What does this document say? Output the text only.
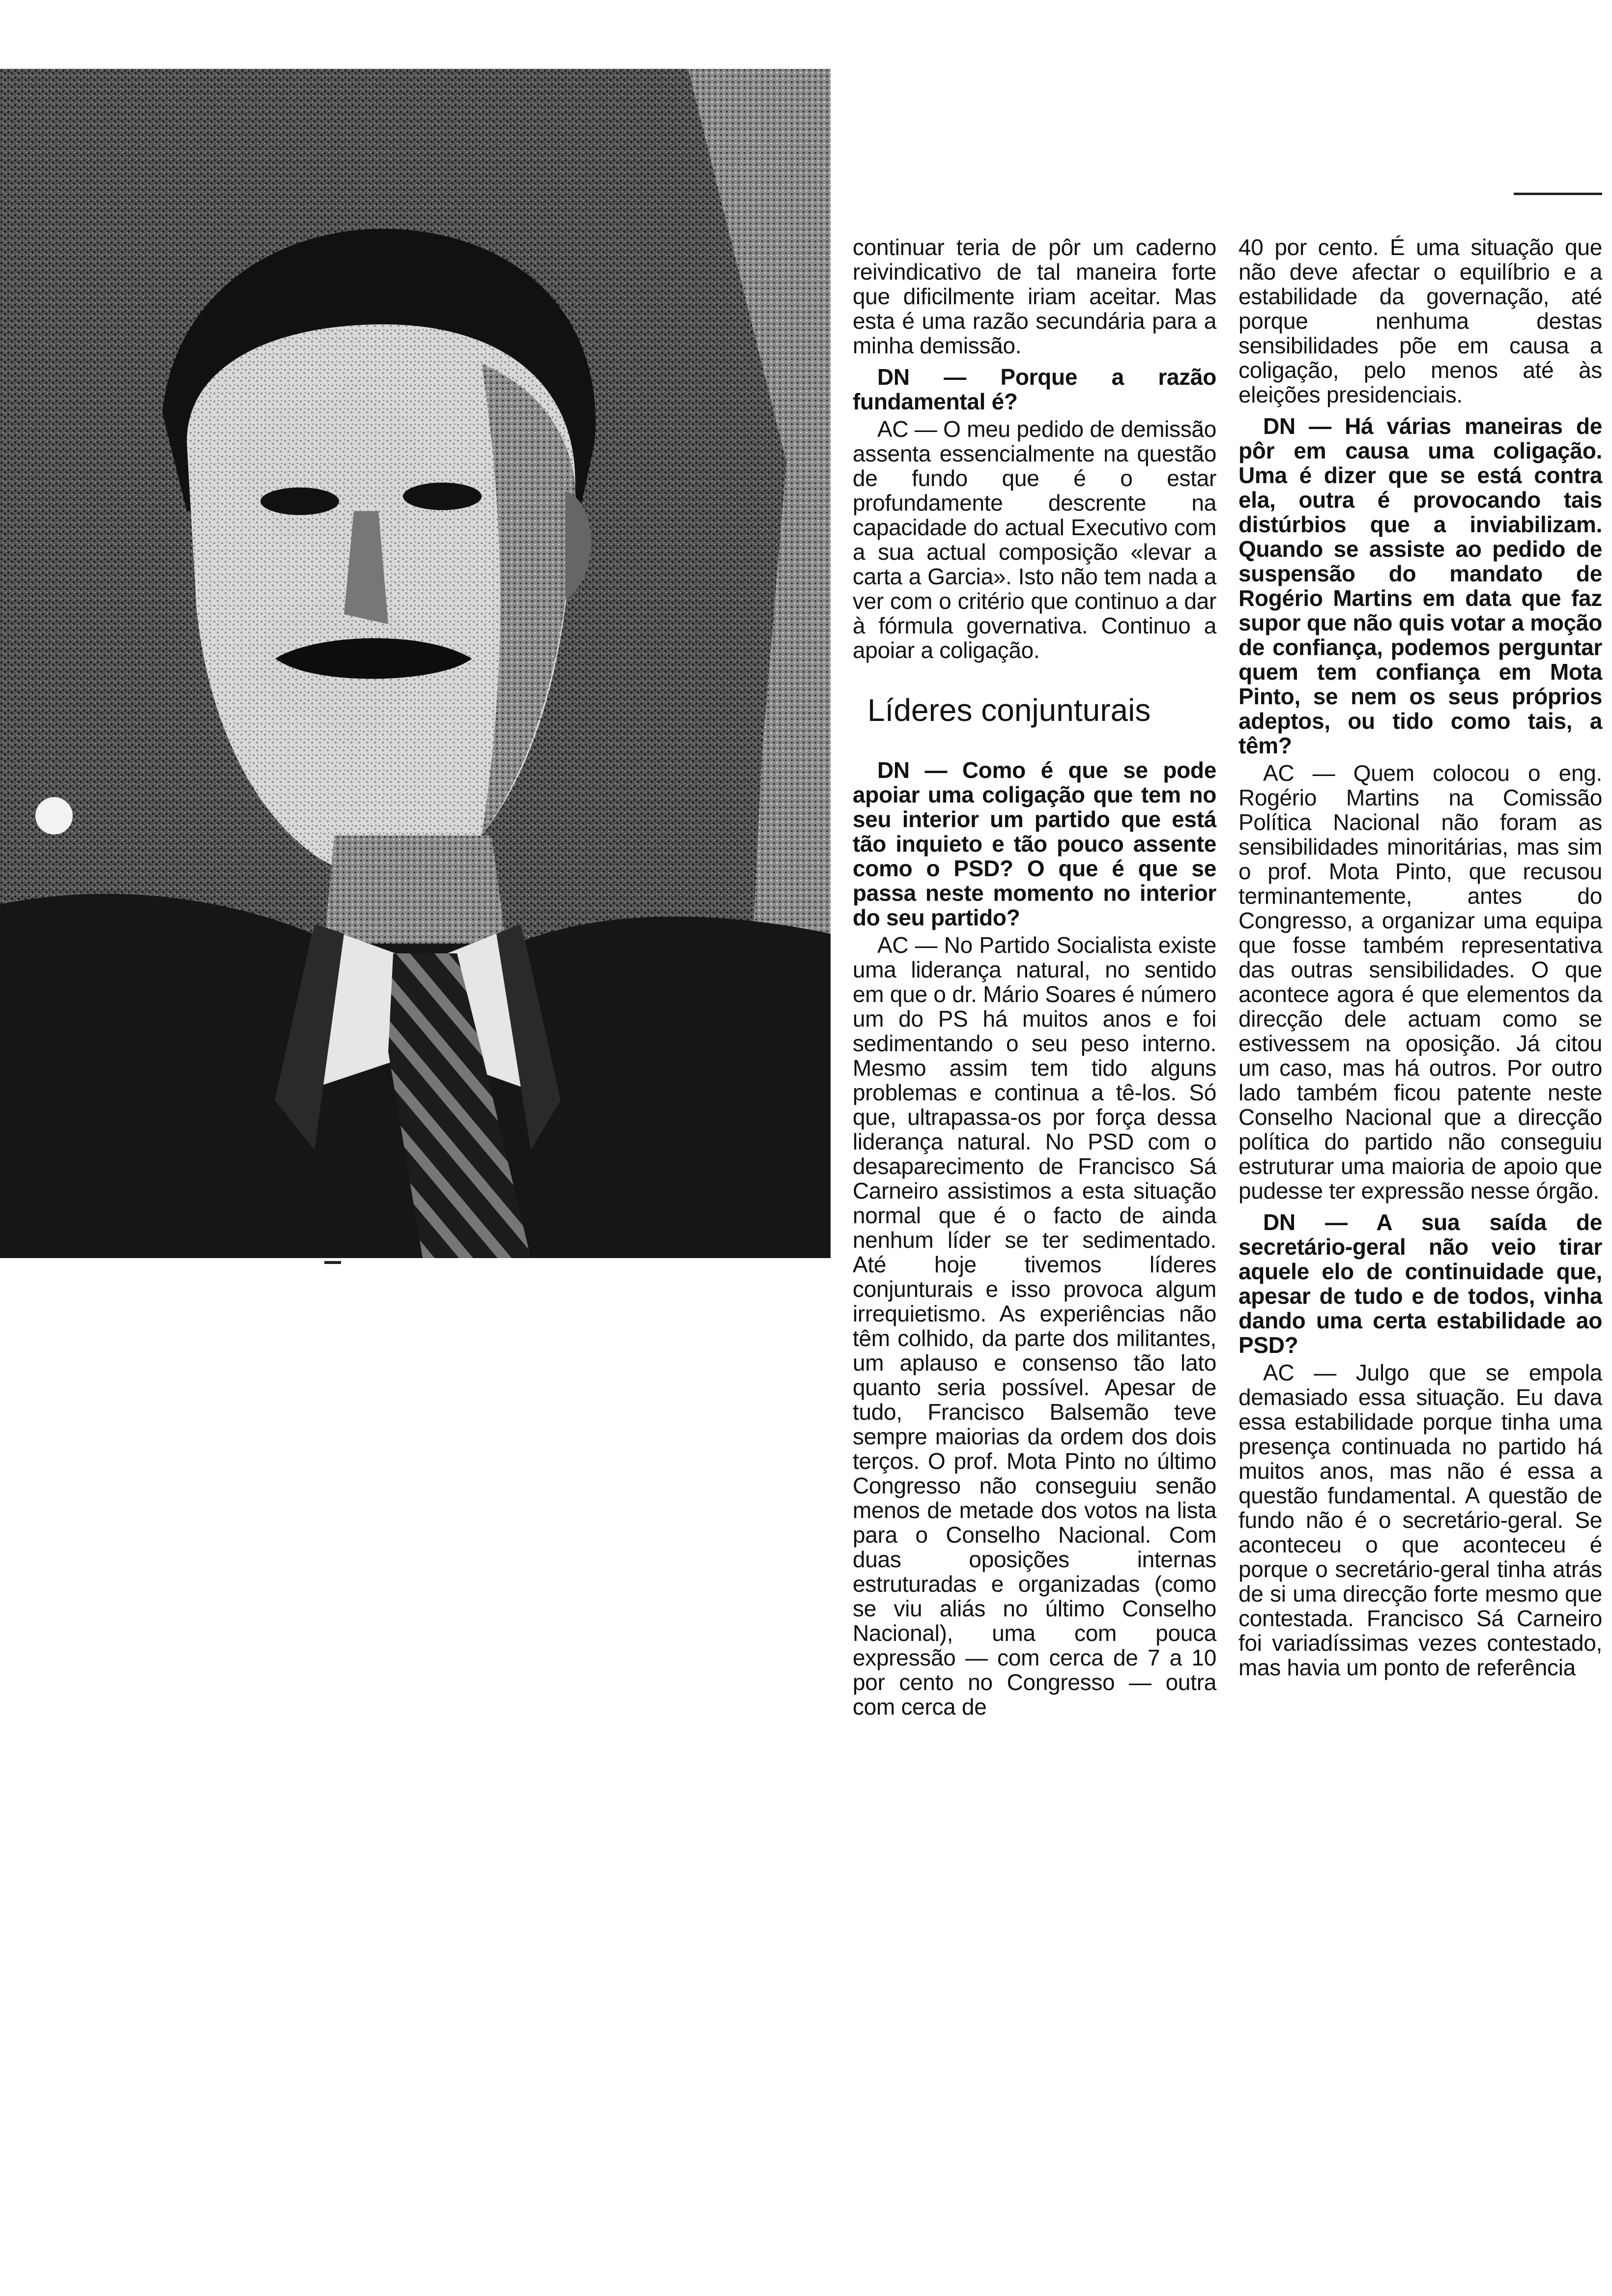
continuar teria de pôr um caderno reivindicativo de tal maneira forte que dificilmente iriam aceitar. Mas esta é uma razão secundária para a minha demissão.

DN — Porque a razão fundamental é?

AC — O meu pedido de demissão assenta essencialmente na questão de fundo que é o estar profundamente descrente na capacidade do actual Executivo com a sua actual composição «levar a carta a Garcia». Isto não tem nada a ver com o critério que continuo a dar à fórmula governativa. Continuo a apoiar a coligação.

Líderes conjunturais

DN — Como é que se pode apoiar uma coligação que tem no seu interior um partido que está tão inquieto e tão pouco assente como o PSD? O que é que se passa neste momento no interior do seu partido?

AC — No Partido Socialista existe uma liderança natural, no sentido em que o dr. Mário Soares é número um do PS há muitos anos e foi sedimentando o seu peso interno. Mesmo assim tem tido alguns problemas e continua a tê-los. Só que, ultrapassa-os por força dessa liderança natural. No PSD com o desaparecimento de Francisco Sá Carneiro assistimos a esta situação normal que é o facto de ainda nenhum líder se ter sedimentado. Até hoje tivemos líderes conjunturais e isso provoca algum irrequietismo. As experiências não têm colhido, da parte dos militantes, um aplauso e consenso tão lato quanto seria possível. Apesar de tudo, Francisco Balsemão teve sempre maiorias da ordem dos dois terços. O prof. Mota Pinto no último Congresso não conseguiu senão menos de metade dos votos na lista para o Conselho Nacional. Com duas oposições internas estruturadas e organizadas (como se viu aliás no último Conselho Nacional), uma com pouca expressão — com cerca de 7 a 10 por cento no Congresso — outra com cerca de

40 por cento. É uma situação que não deve afectar o equilíbrio e a estabilidade da governação, até porque nenhuma destas sensibilidades põe em causa a coligação, pelo menos até às eleições presidenciais.

DN — Há várias maneiras de pôr em causa uma coligação. Uma é dizer que se está contra ela, outra é provocando tais distúrbios que a inviabilizam. Quando se assiste ao pedido de suspensão do mandato de Rogério Martins em data que faz supor que não quis votar a moção de confiança, podemos perguntar quem tem confiança em Mota Pinto, se nem os seus próprios adeptos, ou tido como tais, a têm?

AC — Quem colocou o eng. Rogério Martins na Comissão Política Nacional não foram as sensibilidades minoritárias, mas sim o prof. Mota Pinto, que recusou terminantemente, antes do Congresso, a organizar uma equipa que fosse também representativa das outras sensibilidades. O que acontece agora é que elementos da direcção dele actuam como se estivessem na oposição. Já citou um caso, mas há outros. Por outro lado também ficou patente neste Conselho Nacional que a direcção política do partido não conseguiu estruturar uma maioria de apoio que pudesse ter expressão nesse órgão.

DN — A sua saída de secretário-geral não veio tirar aquele elo de continuidade que, apesar de tudo e de todos, vinha dando uma certa estabilidade ao PSD?

AC — Julgo que se empola demasiado essa situação. Eu dava essa estabilidade porque tinha uma presença continuada no partido há muitos anos, mas não é essa a questão fundamental. A questão de fundo não é o secretário-geral. Se aconteceu o que aconteceu é porque o secretário-geral tinha atrás de si uma direcção forte mesmo que contestada. Francisco Sá Carneiro foi variadíssimas vezes contestado, mas havia um ponto de referência
